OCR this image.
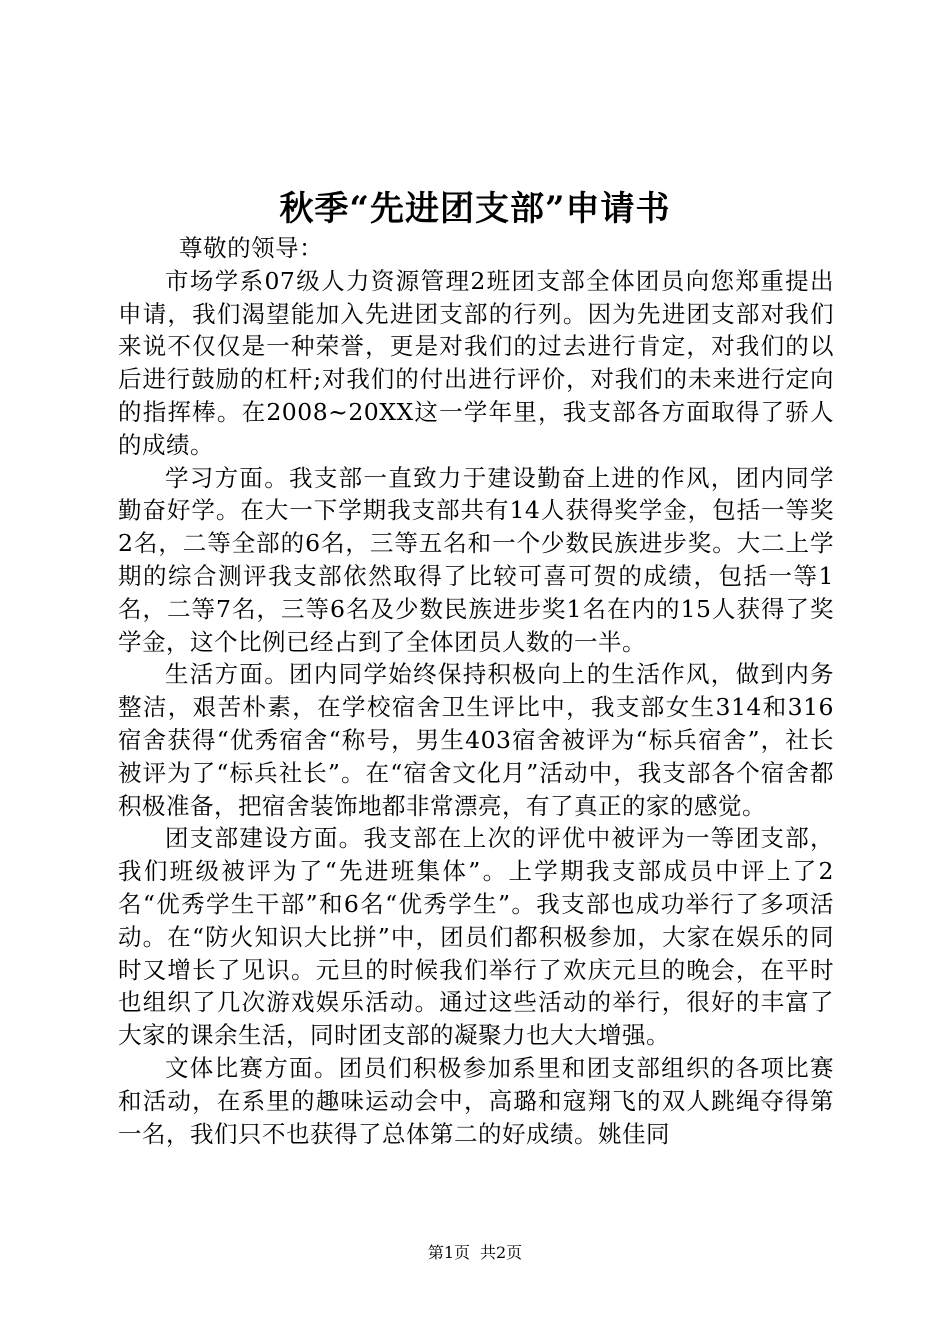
秋季“先进团支部”申请书

尊敬的领导：

市场学系07级人力资源管理2班团支部全体团员向您郑重提出申请，我们渴望能加入先进团支部的行列。因为先进团支部对我们来说不仅仅是一种荣誉，更是对我们的过去进行肯定，对我们的以后进行鼓励的杠杆;对我们的付出进行评价，对我们的未来进行定向的指挥棒。在2008~20XX这一学年里，我支部各方面取得了骄人的成绩。

学习方面。我支部一直致力于建设勤奋上进的作风，团内同学勤奋好学。在大一下学期我支部共有14人获得奖学金，包括一等奖2名，二等全部的6名，三等五名和一个少数民族进步奖。大二上学期的综合测评我支部依然取得了比较可喜可贺的成绩，包括一等1名，二等7名，三等6名及少数民族进步奖1名在内的15人获得了奖学金，这个比例已经占到了全体团员人数的一半。

生活方面。团内同学始终保持积极向上的生活作风，做到内务整洁，艰苦朴素，在学校宿舍卫生评比中，我支部女生314和316宿舍获得“优秀宿舍“称号，男生403宿舍被评为“标兵宿舍”，社长被评为了“标兵社长”。在“宿舍文化月”活动中，我支部各个宿舍都积极准备，把宿舍装饰地都非常漂亮，有了真正的家的感觉。

团支部建设方面。我支部在上次的评优中被评为一等团支部，我们班级被评为了“先进班集体”。上学期我支部成员中评上了2名“优秀学生干部”和6名“优秀学生”。我支部也成功举行了多项活动。在“防火知识大比拼”中，团员们都积极参加，大家在娱乐的同时又增长了见识。元旦的时候我们举行了欢庆元旦的晚会，在平时也组织了几次游戏娱乐活动。通过这些活动的举行，很好的丰富了大家的课余生活，同时团支部的凝聚力也大大增强。

文体比赛方面。团员们积极参加系里和团支部组织的各项比赛和活动，在系里的趣味运动会中，高璐和寇翔飞的双人跳绳夺得第一名，我们只不也获得了总体第二的好成绩。姚佳同

第1页 共2页
